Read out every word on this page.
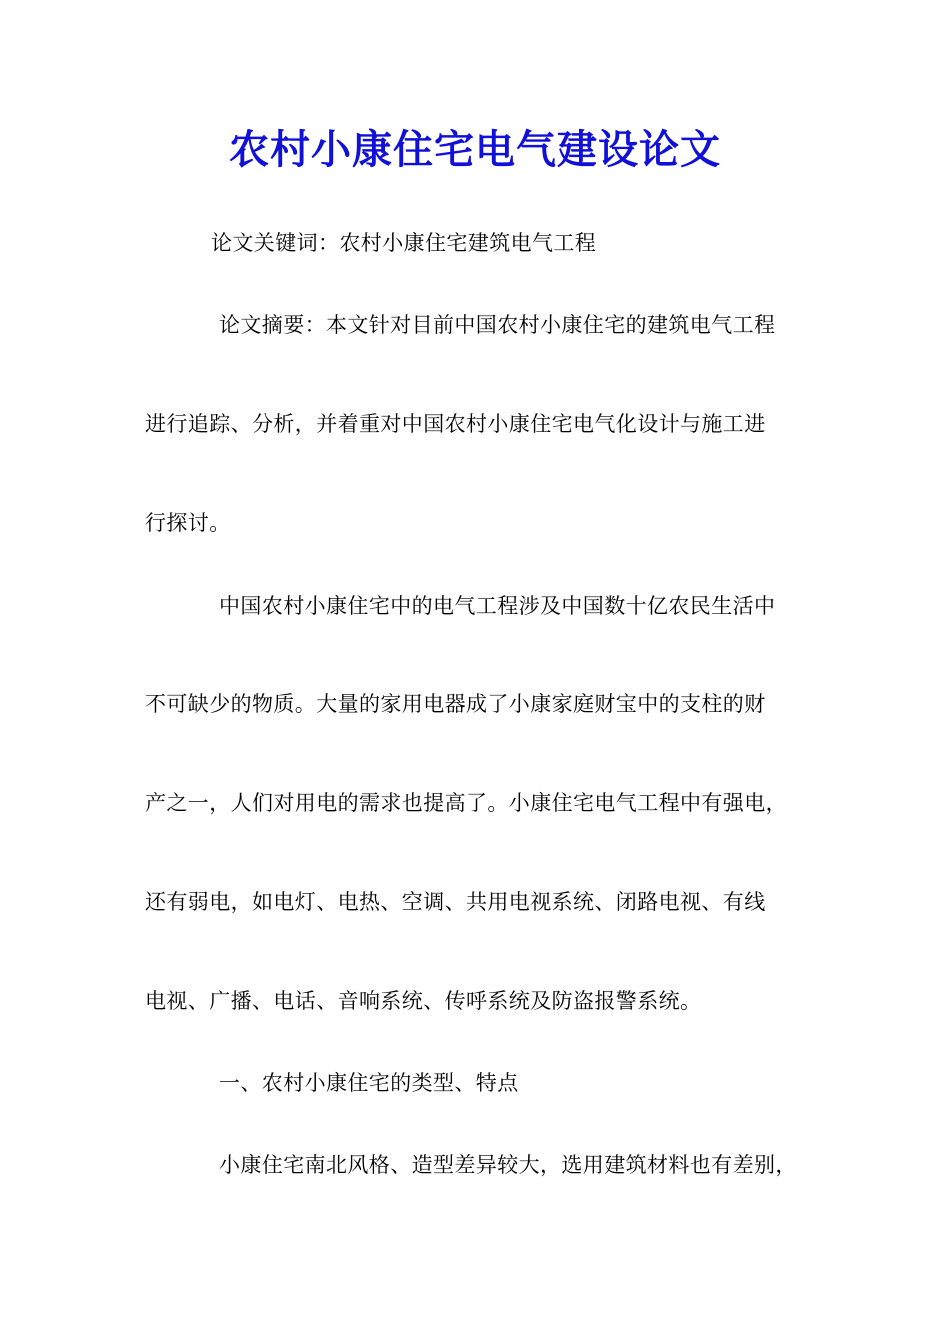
农村小康住宅电气建设论文
论文关键词：农村小康住宅建筑电气工程
论文摘要：本文针对目前中国农村小康住宅的建筑电气工程
进行追踪、分析，并着重对中国农村小康住宅电气化设计与施工进
行探讨。
中国农村小康住宅中的电气工程涉及中国数十亿农民生活中
不可缺少的物质。大量的家用电器成了小康家庭财宝中的支柱的财
产之一，人们对用电的需求也提高了。小康住宅电气工程中有强电，
还有弱电，如电灯、电热、空调、共用电视系统、闭路电视、有线
电视、广播、电话、音响系统、传呼系统及防盗报警系统。
一、农村小康住宅的类型、特点
小康住宅南北风格、造型差异较大，选用建筑材料也有差别，
